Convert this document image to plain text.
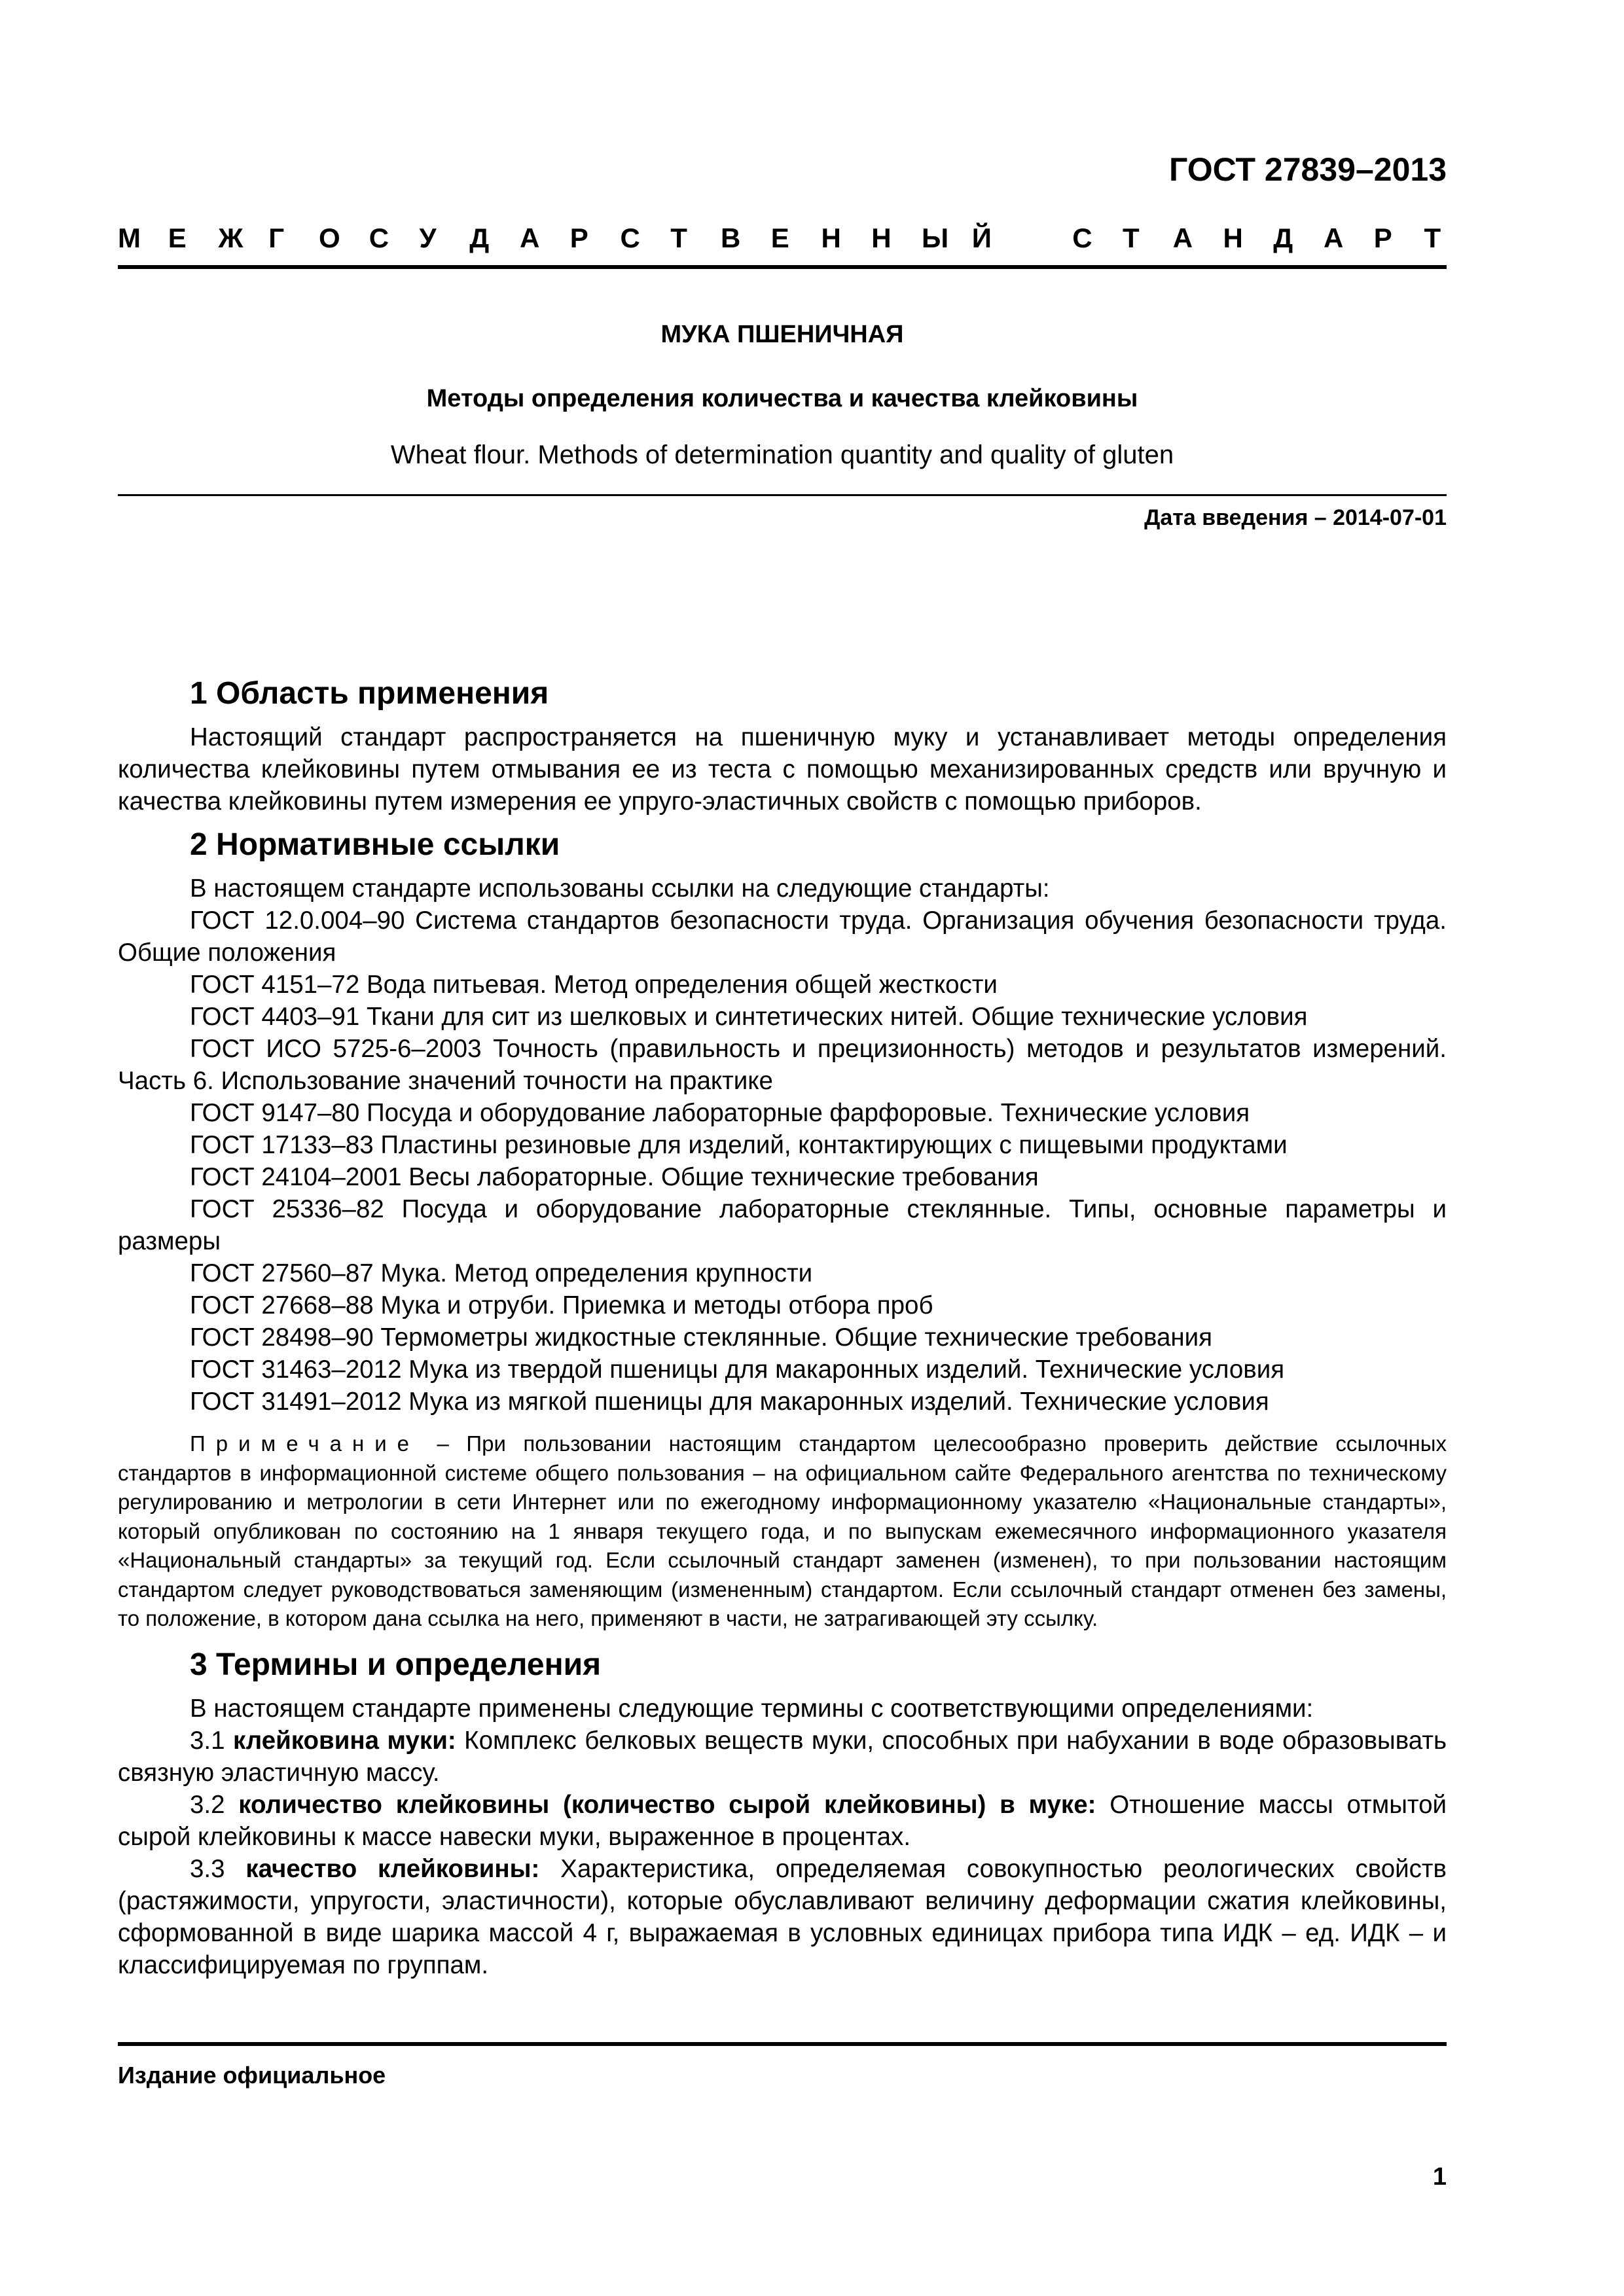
ГОСТ 27839–2013
М Е Ж Г О С У Д А Р С Т В Е Н Н Ы Й	С Т А Н Д А Р Т
МУКА ПШЕНИЧНАЯ
Методы определения количества и качества клейковины
Wheat flour. Methods of determination quantity and quality of gluten
Дата введения – 2014-07-01
1 Область применения

Настоящий стандарт распространяется на пшеничную муку и устанавливает методы определения количества клейковины путем отмывания ее из теста с помощью механизированных средств или вручную и качества клейковины путем измерения ее упруго-эластичных свойств с помощью приборов.

2 Нормативные ссылки

В настоящем стандарте использованы ссылки на следующие стандарты:

ГОСТ 12.0.004–90 Система стандартов безопасности труда. Организация обучения безопасности труда. Общие положения

ГОСТ 4151–72 Вода питьевая. Метод определения общей жесткости

ГОСТ 4403–91 Ткани для сит из шелковых и синтетических нитей. Общие технические условия

ГОСТ ИСО 5725-6–2003 Точность (правильность и прецизионность) методов и результатов измерений. Часть 6. Использование значений точности на практике

ГОСТ 9147–80 Посуда и оборудование лабораторные фарфоровые. Технические условия

ГОСТ 17133–83 Пластины резиновые для изделий, контактирующих с пищевыми продуктами

ГОСТ 24104–2001 Весы лабораторные. Общие технические требования

ГОСТ 25336–82 Посуда и оборудование лабораторные стеклянные. Типы, основные параметры и размеры

ГОСТ 27560–87 Мука. Метод определения крупности

ГОСТ 27668–88 Мука и отруби. Приемка и методы отбора проб

ГОСТ 28498–90 Термометры жидкостные стеклянные. Общие технические требования

ГОСТ 31463–2012 Мука из твердой пшеницы для макаронных изделий. Технические условия

ГОСТ 31491–2012 Мука из мягкой пшеницы для макаронных изделий. Технические условия

Примечание – При пользовании настоящим стандартом целесообразно проверить действие ссылочных стандартов в информационной системе общего пользования – на официальном сайте Федерального агентства по техническому регулированию и метрологии в сети Интернет или по ежегодному информационному указателю «Национальные стандарты», который опубликован по состоянию на 1 января текущего года, и по выпускам ежемесячного информационного указателя «Национальный стандарты» за текущий год. Если ссылочный стандарт заменен (изменен), то при пользовании настоящим стандартом следует руководствоваться заменяющим (измененным) стандартом. Если ссылочный стандарт отменен без замены, то положение, в котором дана ссылка на него, применяют в части, не затрагивающей эту ссылку.

3 Термины и определения

В настоящем стандарте применены следующие термины с соответствующими определениями:

3.1 клейковина муки: Комплекс белковых веществ муки, способных при набухании в воде образовывать связную эластичную массу.

3.2 количество клейковины (количество сырой клейковины) в муке: Отношение массы отмытой сырой клейковины к массе навески муки, выраженное в процентах.

3.3 качество клейковины: Характеристика, определяемая совокупностью реологических свойств (растяжимости, упругости, эластичности), которые обуславливают величину деформации сжатия клейковины, сформованной в виде шарика массой 4 г, выражаемая в условных единицах прибора типа ИДК – ед. ИДК – и классифицируемая по группам.

Издание официальное
1
